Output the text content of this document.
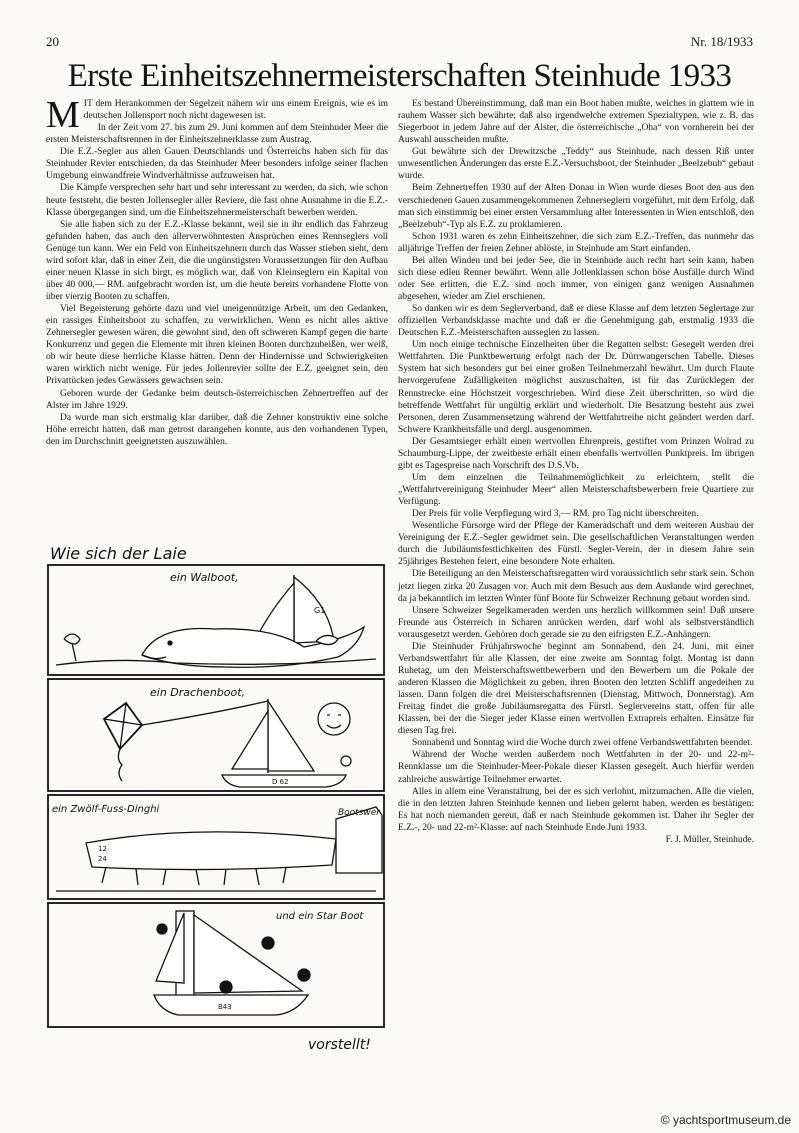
20	Nr. 18/1933
Erste Einheitszehnermeisterschaften Steinhude 1933

MIT dem Herankommen der Segelzeit nähern wir uns einem Ereignis, wie es im deutschen Jollensport noch nicht dagewesen ist.

In der Zeit vom 27. bis zum 29. Juni kommen auf dem Steinhuder Meer die ersten Meisterschaftsrennen in der Einheitszehnerklasse zum Austrag.

Die E.Z.-Segler aus allen Gauen Deutschlands und Österreichs haben sich für das Steinhuder Revier entschieden, da das Steinhuder Meer besonders infolge seiner flachen Umgebung einwandfreie Windverhältnisse aufzuweisen hat.

Die Kämpfe versprechen sehr hart und sehr interessant zu werden, da sich, wie schon heute feststeht, die besten Jollensegler aller Reviere, die fast ohne Ausnahme in die E.Z.-Klasse übergegangen sind, um die Einheitszehnermeisterschaft bewerben werden.

Sie alle haben sich zu der E.Z.-Klasse bekannt, weil sie in ihr endlich das Fahrzeug gefunden haben, das auch den allerverwöhntesten Ansprüchen eines Rennseglers voll Genüge tun kann. Wer ein Feld von Einheitszehnern durch das Wasser stieben sieht, dem wird sofort klar, daß in einer Zeit, die die ungünstigsten Voraussetzungen für den Aufbau einer neuen Klasse in sich birgt, es möglich war, daß von Kleinseglern ein Kapital von über 40 000,— RM. aufgebracht worden ist, um die heute bereits vorhandene Flotte von über vierzig Booten zu schaffen.

Viel Begeisterung gehörte dazu und viel uneigennützige Arbeit, um den Gedanken, ein rassiges Einheitsboot zu schaffen, zu verwirklichen. Wenn es nicht alles aktive Zehnersegler gewesen wären, die gewohnt sind, den oft schweren Kampf gegen die harte Konkurrenz und gegen die Elemente mit ihren kleinen Booten durchzubeißen, wer weiß, ob wir heute diese herrliche Klasse hätten. Denn der Hindernisse und Schwierigkeiten waren wirklich nicht wenige. Für jedes Jollenrevier sollte der E.Z. geeignet sein, den Privattücken jedes Gewässers gewachsen sein.

Geboren wurde der Gedanke beim deutsch-österreichischen Zehnertreffen auf der Alster im Jahre 1929.

Da wurde man sich erstmalig klar darüber, daß die Zehner konstruktiv eine solche Höhe erreicht hatten, daß man getrost darangehen konnte, aus den vorhandenen Typen, den im Durchschnitt geeignetsten auszuwählen.

Wie sich der Laie
ein Walboot,
G1
ein Drachenboot,
D 62
ein Zwölf-Fuss-Dinghi	Bootswer
12
24
und ein Star Boot
B43
vorstellt!

Es bestand Übereinstimmung, daß man ein Boot haben mußte, welches in glattem wie in rauhem Wasser sich bewährte; daß also irgendwelche extremen Spezialtypen, wie z. B. das Siegerboot in jedem Jahre auf der Alster, die österreichische „Oha“ von vornherein bei der Auswahl ausscheiden mußte.

Gut bewährte sich der Drewitzsche „Teddy“ aus Steinhude, nach dessen Riß unter unwesentlichen Änderungen das erste E.Z.-Versuchsboot, der Steinhuder „Beelzebub“ gebaut wurde.

Beim Zehnertreffen 1930 auf der Alten Donau in Wien wurde dieses Boot den aus den verschiedenen Gauen zusammengekommenen Zehnerseglern vorgeführt, mit dem Erfolg, daß man sich einstimmig bei einer ersten Versammlung aller Interessenten in Wien entschloß, den „Beelzebub“-Typ als E.Z. zu proklamieren.

Schon 1931 waren es zehn Einheitszehner, die sich zum E.Z.-Treffen, das nunmehr das alljährige Treffen der freien Zehner ablöste, in Steinhude am Start einfanden.

Bei allen Winden und bei jeder See, die in Steinhude auch recht hart sein kann, haben sich diese edlen Renner bewährt. Wenn alle Jollenklassen schon böse Ausfälle durch Wind oder See erlitten, die E.Z. sind noch immer, von einigen ganz wenigen Ausnahmen abgesehen, wieder am Ziel erschienen.

So danken wir es dem Seglerverband, daß er diese Klasse auf dem letzten Seglertage zur offiziellen Verbandsklasse machte und daß er die Genehmigung gab, erstmalig 1933 die Deutschen E.Z.-Meisterschaften ausseglen zu lassen.

Um noch einige technische Einzelheiten über die Regatten selbst: Gesegelt werden drei Wettfahrten. Die Punktbewertung erfolgt nach der Dr. Dürrwangerschen Tabelle. Dieses System hat sich besonders gut bei einer großen Teilnehmerzahl bewährt. Um durch Flaute hervorgerufene Zufälligkeiten möglichst auszuschalten, ist für das Zurücklegen der Rennstrecke eine Höchstzeit vorgeschrieben. Wird diese Zeit überschritten, so wird die betreffende Wettfahrt für ungültig erklärt und wiederholt. Die Besatzung besteht aus zwei Personen, deren Zusammensetzung während der Wettfahrtreihe nicht geändert werden darf. Schwere Krankheitsfälle und dergl. ausgenommen.

Der Gesamtsieger erhält einen wertvollen Ehrenpreis, gestiftet vom Prinzen Wolrad zu Schaumburg-Lippe, der zweitbeste erhält einen ebenfalls wertvollen Punktpreis. Im übrigen gibt es Tagespreise nach Vorschrift des D.S.Vb.

Um dem einzelnen die Teilnahmemöglichkeit zu erleichtern, stellt die „Wettfahrtvereinigung Steinhuder Meer“ allen Meisterschaftsbewerbern freie Quartiere zur Verfügung.

Der Preis für volle Verpflegung wird 3,— RM. pro Tag nicht überschreiten.

Wesentliche Fürsorge wird der Pflege der Kameradschaft und dem weiteren Ausbau der Vereinigung der E.Z.-Segler gewidmet sein. Die gesellschaftlichen Veranstaltungen werden durch die Jubiläumsfestlichkeiten des Fürstl. Segler-Verein, der in diesem Jahre sein 25jähriges Bestehen feiert, eine besondere Note erhalten.

Die Beteiligung an den Meisterschaftsregatten wird voraussichtlich sehr stark sein. Schon jetzt liegen zirka 20 Zusagen vor. Auch mit dem Besuch aus dem Auslande wird gerechnet, da ja bekanntlich im letzten Winter fünf Boote für Schweizer Rechnung gebaut worden sind.

Unsere Schweizer Segelkameraden werden uns herzlich willkommen sein! Daß unsere Freunde aus Österreich in Scharen anrücken werden, darf wohl als selbstverständlich vorausgesetzt werden. Gehören doch gerade sie zu den eifrigsten E.Z.-Anhängern.

Die Steinhuder Frühjahrswoche beginnt am Sonnabend, den 24. Juni, mit einer Verbandswettfahrt für alle Klassen, der eine zweite am Sonntag folgt. Montag ist dann Ruhetag, um den Meisterschaftswettbewerbern und den Bewerbern um die Pokale der anderen Klassen die Möglichkeit zu geben, ihren Booten den letzten Schliff angedeihen zu lassen. Dann folgen die drei Meisterschaftsrennen (Dienstag, Mittwoch, Donnerstag). Am Freitag findet die große Jubiläumsregatta des Fürstl. Seglervereins statt, offen für alle Klassen, bei der die Sieger jeder Klasse einen wertvollen Extrapreis erhalten. Einsätze für diesen Tag frei.

Sonnabend und Sonntag wird die Woche durch zwei offene Verbandswettfahrten beendet.

Während der Woche werden außerdem noch Wettfahrten in der 20- und 22-m²-Rennklasse um die Steinhuder-Meer-Pokale dieser Klassen gesegelt. Auch hierfür werden zahlreiche auswärtige Teilnehmer erwartet.

Alles in allem eine Veranstaltung, bei der es sich verlohnt, mitzumachen. Alle die vielen, die in den letzten Jahren Steinhude kennen und lieben gelernt haben, werden es bestätigen: Es hat noch niemanden gereut, daß er nach Steinhude gekommen ist. Daher ihr Segler der E.Z.-, 20- und 22-m²-Klasse: auf nach Steinhude Ende Juni 1933.

F. J. Müller, Steinhude.

© yachtsportmuseum.de
